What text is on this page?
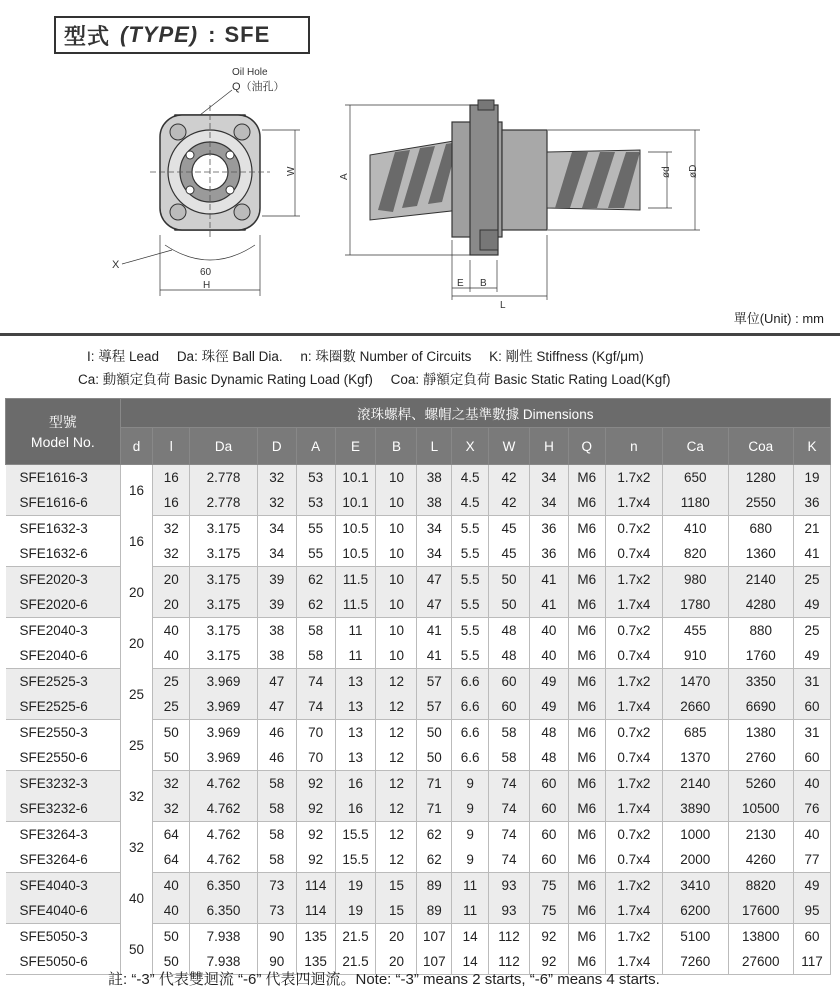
型式 (TYPE) : SFE
W
Oil Hole
Q（油孔）
X
60
H
A	ød øD
E B
L
單位(Unit) : mm
I: 導程 Lead Da: 珠徑 Ball Dia. n: 珠圈數 Number of Circuits K: 剛性 Stiffness (Kgf/μm)
Ca: 動額定負荷 Basic Dynamic Rating Load (Kgf) Coa: 靜額定負荷 Basic Static Rating Load(Kgf)
型號
Model No.	滾珠螺桿、螺帽之基準數據 Dimensions															
	d	l	Da	D	A	E	B	L	X	W	H	Q	n	Ca	Coa	K
SFE1616-3	16	16	2.778	32	53	10.1	10	38	4.5	42	34	M6	1.7x2	650	1280	19
SFE1616-6		16	2.778	32	53	10.1	10	38	4.5	42	34	M6	1.7x4	1180	2550	36
SFE1632-3	16	32	3.175	34	55	10.5	10	34	5.5	45	36	M6	0.7x2	410	680	21
SFE1632-6		32	3.175	34	55	10.5	10	34	5.5	45	36	M6	0.7x4	820	1360	41
SFE2020-3	20	20	3.175	39	62	11.5	10	47	5.5	50	41	M6	1.7x2	980	2140	25
SFE2020-6		20	3.175	39	62	11.5	10	47	5.5	50	41	M6	1.7x4	1780	4280	49
SFE2040-3	20	40	3.175	38	58	11	10	41	5.5	48	40	M6	0.7x2	455	880	25
SFE2040-6		40	3.175	38	58	11	10	41	5.5	48	40	M6	0.7x4	910	1760	49
SFE2525-3	25	25	3.969	47	74	13	12	57	6.6	60	49	M6	1.7x2	1470	3350	31
SFE2525-6		25	3.969	47	74	13	12	57	6.6	60	49	M6	1.7x4	2660	6690	60
SFE2550-3	25	50	3.969	46	70	13	12	50	6.6	58	48	M6	0.7x2	685	1380	31
SFE2550-6		50	3.969	46	70	13	12	50	6.6	58	48	M6	0.7x4	1370	2760	60
SFE3232-3	32	32	4.762	58	92	16	12	71	9	74	60	M6	1.7x2	2140	5260	40
SFE3232-6		32	4.762	58	92	16	12	71	9	74	60	M6	1.7x4	3890	10500	76
SFE3264-3	32	64	4.762	58	92	15.5	12	62	9	74	60	M6	0.7x2	1000	2130	40
SFE3264-6		64	4.762	58	92	15.5	12	62	9	74	60	M6	0.7x4	2000	4260	77
SFE4040-3	40	40	6.350	73	114	19	15	89	11	93	75	M6	1.7x2	3410	8820	49
SFE4040-6		40	6.350	73	114	19	15	89	11	93	75	M6	1.7x4	6200	17600	95
SFE5050-3	50	50	7.938	90	135	21.5	20	107	14	112	92	M6	1.7x2	5100	13800	60
SFE5050-6		50	7.938	90	135	21.5	20	107	14	112	92	M6	1.7x4	7260	27600	117
註: “-3” 代表雙迴流 “-6” 代表四迴流。Note: “-3” means 2 starts, “-6” means 4 starts.
